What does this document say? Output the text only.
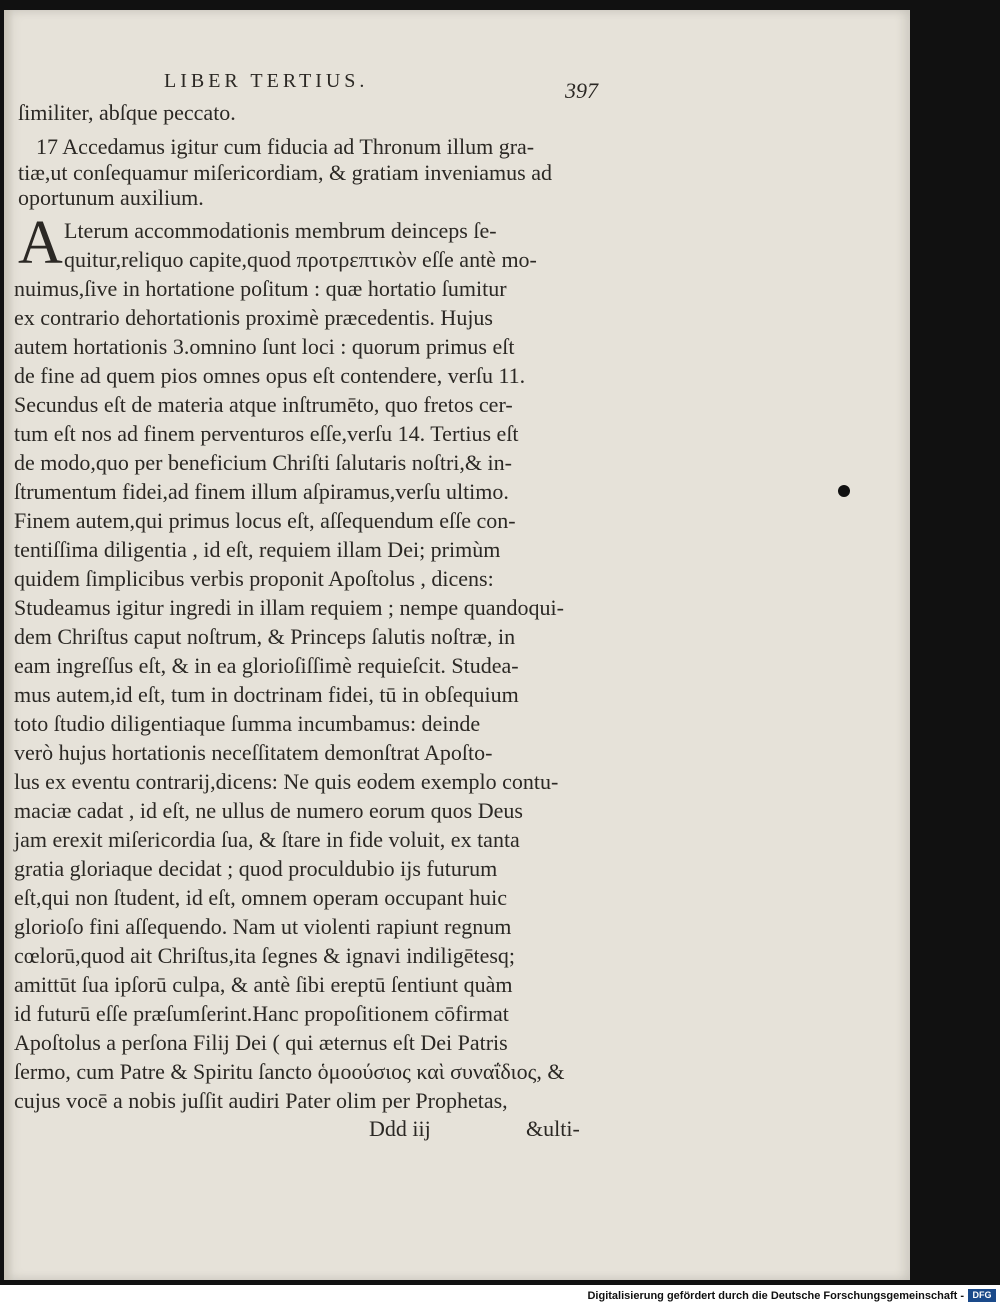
LIBER TERTIUS.	397
ſimiliter, abſque peccato.
17 Accedamus igitur cum fiducia ad Thronum illum gra-
tiæ,ut conſequamur miſericordiam, & gratiam inveniamus ad
oportunum auxilium.
A Lterum accommodationis membrum deinceps ſe-
quitur,reliquo capite,quod προτρεπτικὸν eſſe antè mo-
nuimus,ſive in hortatione poſitum : quæ hortatio ſumitur
ex contrario dehortationis proximè præcedentis. Hujus
autem hortationis 3.omnino ſunt loci : quorum primus eſt
de fine ad quem pios omnes opus eſt contendere, verſu 11.
Secundus eſt de materia atque inſtrumēto, quo fretos cer-
tum eſt nos ad finem perventuros eſſe,verſu 14. Tertius eſt
de modo,quo per beneficium Chriſti ſalutaris noſtri,& in-
ſtrumentum fidei,ad finem illum aſpiramus,verſu ultimo.
Finem autem,qui primus locus eſt, aſſequendum eſſe con-
tentiſſima diligentia , id eſt, requiem illam Dei; primùm
quidem ſimplicibus verbis proponit Apoſtolus , dicens:
Studeamus igitur ingredi in illam requiem ; nempe quandoqui-
dem Chriſtus caput noſtrum, & Princeps ſalutis noſtræ, in
eam ingreſſus eſt, & in ea glorioſiſſimè requieſcit. Studea-
mus autem,id eſt, tum in doctrinam fidei, tū in obſequium
toto ſtudio diligentiaque ſumma incumbamus: deinde
verò hujus hortationis neceſſitatem demonſtrat Apoſto-
lus ex eventu contrarij,dicens: Ne quis eodem exemplo contu-
maciæ cadat , id eſt, ne ullus de numero eorum quos Deus
jam erexit miſericordia ſua, & ſtare in fide voluit, ex tanta
gratia gloriaque decidat ; quod proculdubio ijs futurum
eſt,qui non ſtudent, id eſt, omnem operam occupant huic
glorioſo fini aſſequendo. Nam ut violenti rapiunt regnum
cœlorū,quod ait Chriſtus,ita ſegnes & ignavi indiligētesq;
amittūt ſua ipſorū culpa, & antè ſibi ereptū ſentiunt quàm
id futurū eſſe præſumſerint.Hanc propoſitionem cōfirmat
Apoſtolus a perſona Filij Dei ( qui æternus eſt Dei Patris
ſermo, cum Patre & Spiritu ſancto ὁμοούσιος καὶ συναΐδιος, &
cujus vocē a nobis juſſit audiri Pater olim per Prophetas,
Ddd iij	&ulti-
Digitalisierung gefördert durch die Deutsche Forschungsgemeinschaft - DFG
